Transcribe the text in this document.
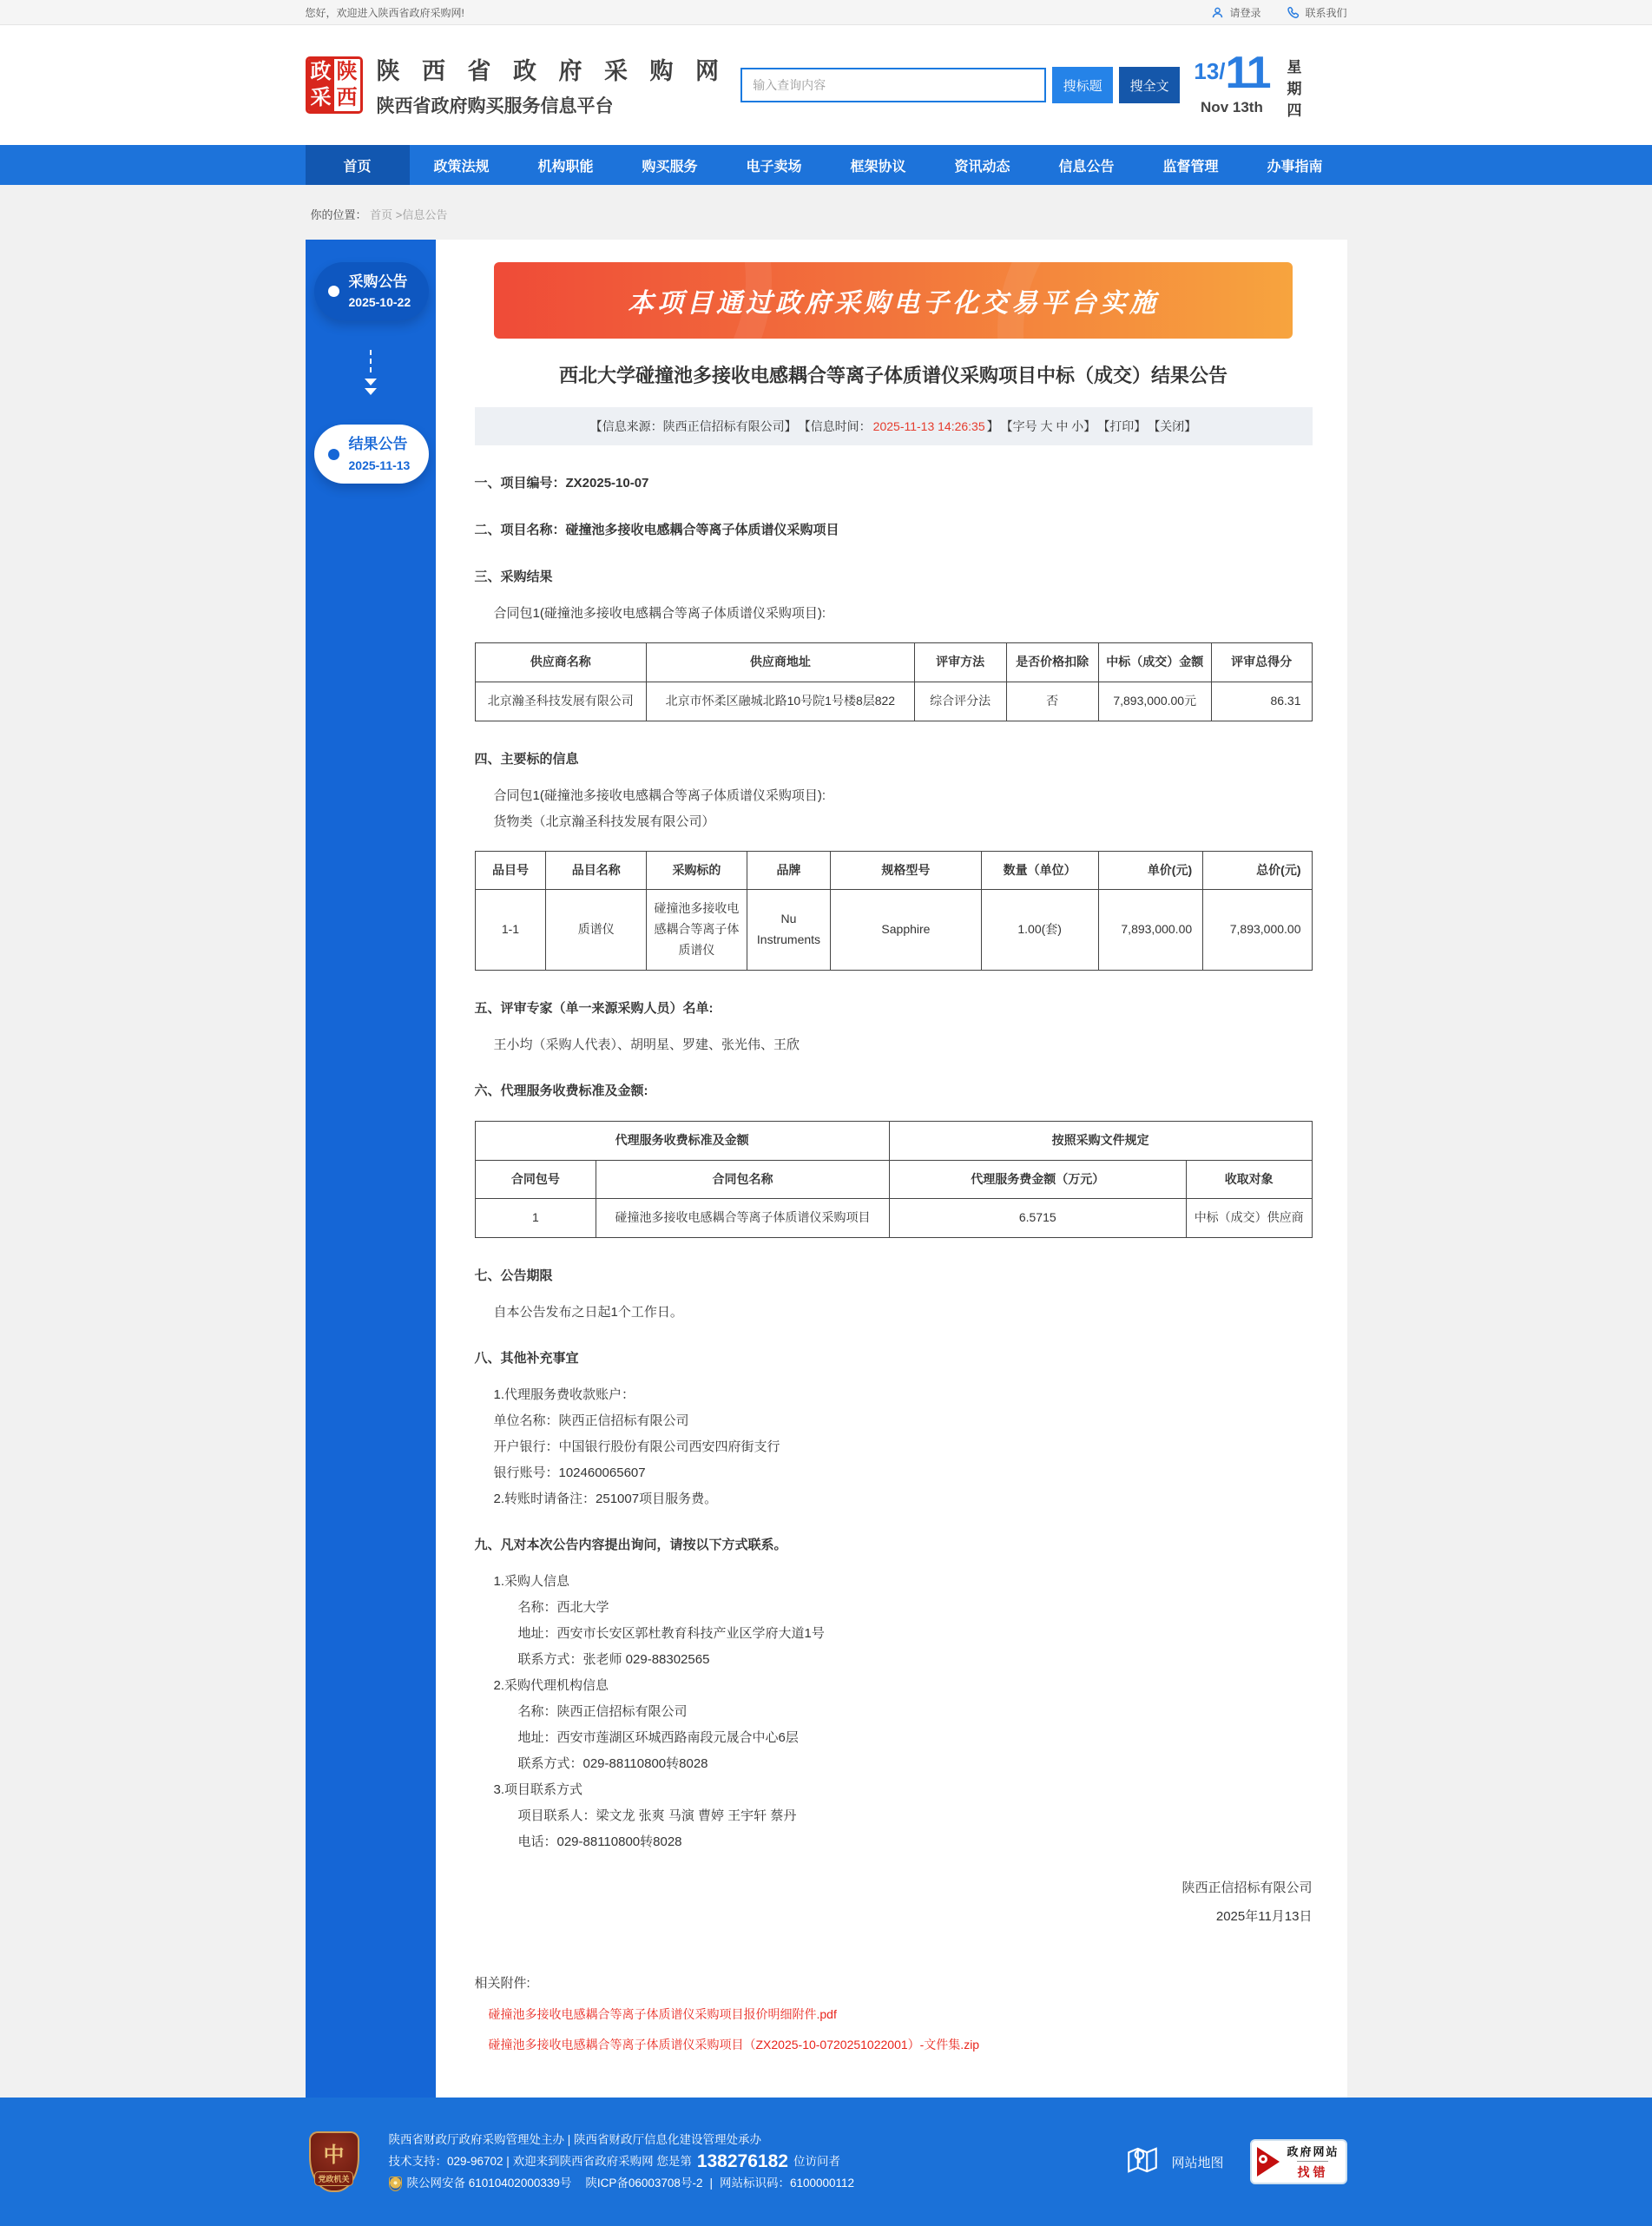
您好，欢迎进入陕西省政府采购网!	请登录	联系我们
政 陕
采 西
陕 西 省 政 府 采 购 网
陕西省政府购买服务信息平台
输入查询内容
搜标题	搜全文
13/11
Nov 13th	星期四
首页	政策法规	机构职能	购买服务	电子卖场	框架协议	资讯动态	信息公告	监督管理	办事指南
你的位置： 首页 >信息公告
采购公告
2025-10-22
结果公告
2025-11-13
本项目通过政府采购电子化交易平台实施
西北大学碰撞池多接收电感耦合等离子体质谱仪采购项目中标（成交）结果公告
【信息来源：陕西正信招标有限公司】 【信息时间： 2025-11-13 14:26:35 】 【字号 大 中 小】 【打印】 【关闭】
一、项目编号：ZX2025-10-07
二、项目名称：碰撞池多接收电感耦合等离子体质谱仪采购项目
三、采购结果
合同包1(碰撞池多接收电感耦合等离子体质谱仪采购项目):
供应商名称	供应商地址	评审方法	是否价格扣除	中标（成交）金额	评审总得分
北京瀚圣科技发展有限公司	北京市怀柔区融城北路10号院1号楼8层822	综合评分法	否	7,893,000.00元	86.31
四、主要标的信息
合同包1(碰撞池多接收电感耦合等离子体质谱仪采购项目):
货物类（北京瀚圣科技发展有限公司）
品目号	品目名称	采购标的	品牌	规格型号	数量（单位）	单价(元)	总价(元)
1-1	质谱仪	碰撞池多接收电感耦合等离子体质谱仪	Nu Instruments	Sapphire	1.00(套)	7,893,000.00	7,893,000.00
五、评审专家（单一来源采购人员）名单:
王小均（采购人代表）、胡明星、罗建、张光伟、王欣
六、代理服务收费标准及金额:
代理服务收费标准及金额		按照采购文件规定	
合同包号	合同包名称	代理服务费金额（万元）	收取对象
1	碰撞池多接收电感耦合等离子体质谱仪采购项目	6.5715	中标（成交）供应商
七、公告期限
自本公告发布之日起1个工作日。
八、其他补充事宜
1.代理服务费收款账户：
单位名称：陕西正信招标有限公司
开户银行：中国银行股份有限公司西安四府街支行
银行账号：102460065607
2.转账时请备注：251007项目服务费。
九、凡对本次公告内容提出询问，请按以下方式联系。
1.采购人信息
名称：西北大学
地址：西安市长安区郭杜教育科技产业区学府大道1号
联系方式：张老师 029-88302565
2.采购代理机构信息
名称：陕西正信招标有限公司
地址：西安市莲湖区环城西路南段元晟合中心6层
联系方式：029-88110800转8028
3.项目联系方式
项目联系人：梁文龙 张爽 马演 曹婷 王宇轩 蔡丹
电话：029-88110800转8028
陕西正信招标有限公司
2025年11月13日
相关附件:
碰撞池多接收电感耦合等离子体质谱仪采购项目报价明细附件.pdf
碰撞池多接收电感耦合等离子体质谱仪采购项目（ZX2025-10-0720251022001）-文件集.zip
中
党政机关
陕西省财政厅政府采购管理处主办 | 陕西省财政厅信息化建设管理处承办
技术支持：029-96702 | 欢迎来到陕西省政府采购网 您是第 138276182 位访问者
陕公网安备 61010402000339号 陕ICP备06003708号-2 | 网站标识码：6100000112
网站地图
政府网站
找错
